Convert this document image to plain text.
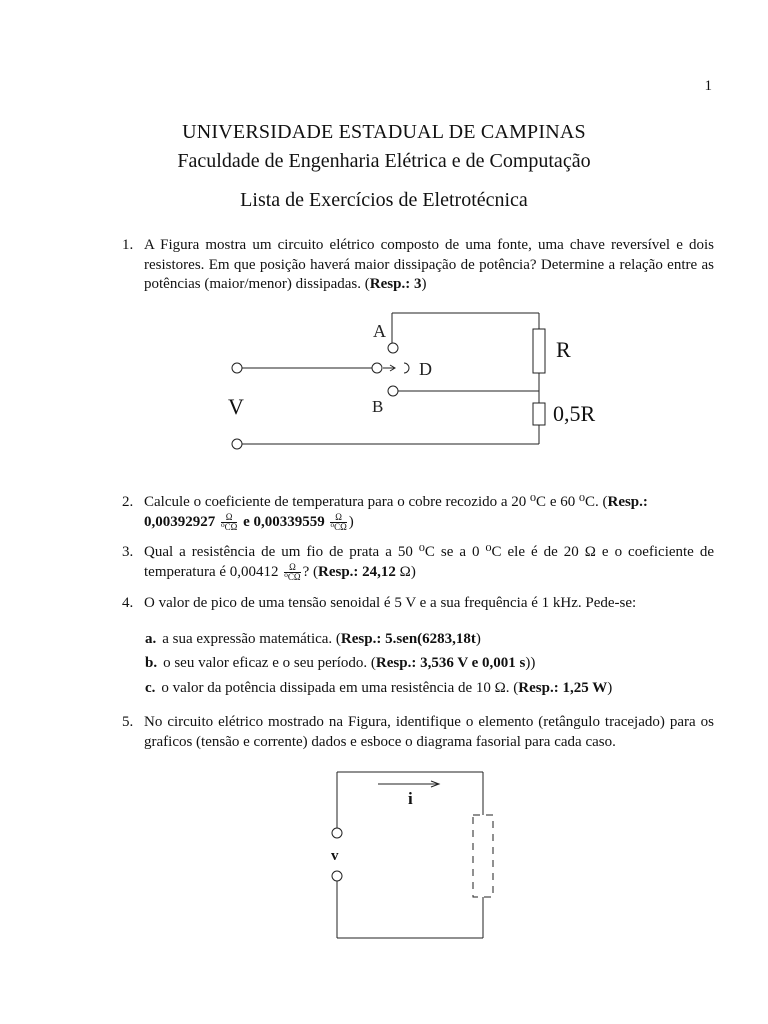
1
UNIVERSIDADE ESTADUAL DE CAMPINAS
Faculdade de Engenharia Elétrica e de Computação
Lista de Exercícios de Eletrotécnica
1. A Figura mostra um circuito elétrico composto de uma fonte, uma chave reversível e dois resistores. Em que posição haverá maior dissipação de potência? Determine a relação entre as potências (maior/menor) dissipadas. (Resp.: 3)
A
D
B
V
R
0,5R
2. Calcule o coeficiente de temperatura para o cobre recozido a 20 ⁰C e 60 ⁰C. (Resp.:
$0,00392927 \frac{\Omega}{\text{⁰CΩ}}$ e $0,00339559 \frac{\Omega}{\text{⁰CΩ}}$ )
3. Qual a resistência de um fio de prata a 50 ⁰C se a 0 ⁰C ele é de 20 Ω e o coeficiente de temperatura é $0,00412 \frac{\Omega}{\text{⁰CΩ}}$ ? (Resp.: 24,12 Ω)
4. O valor de pico de uma tensão senoidal é 5 V e a sua frequência é 1 kHz. Pede-se:
a. a sua expressão matemática. (Resp.: 5.sen(6283,18t)
b. o seu valor eficaz e o seu período. (Resp.: 3,536 V e 0,001 s))
c. o valor da potência dissipada em uma resistência de 10 Ω. (Resp.: 1,25 W)
5. No circuito elétrico mostrado na Figura, identifique o elemento (retângulo tracejado) para os graficos (tensão e corrente) dados e esboce o diagrama fasorial para cada caso.
i
v
